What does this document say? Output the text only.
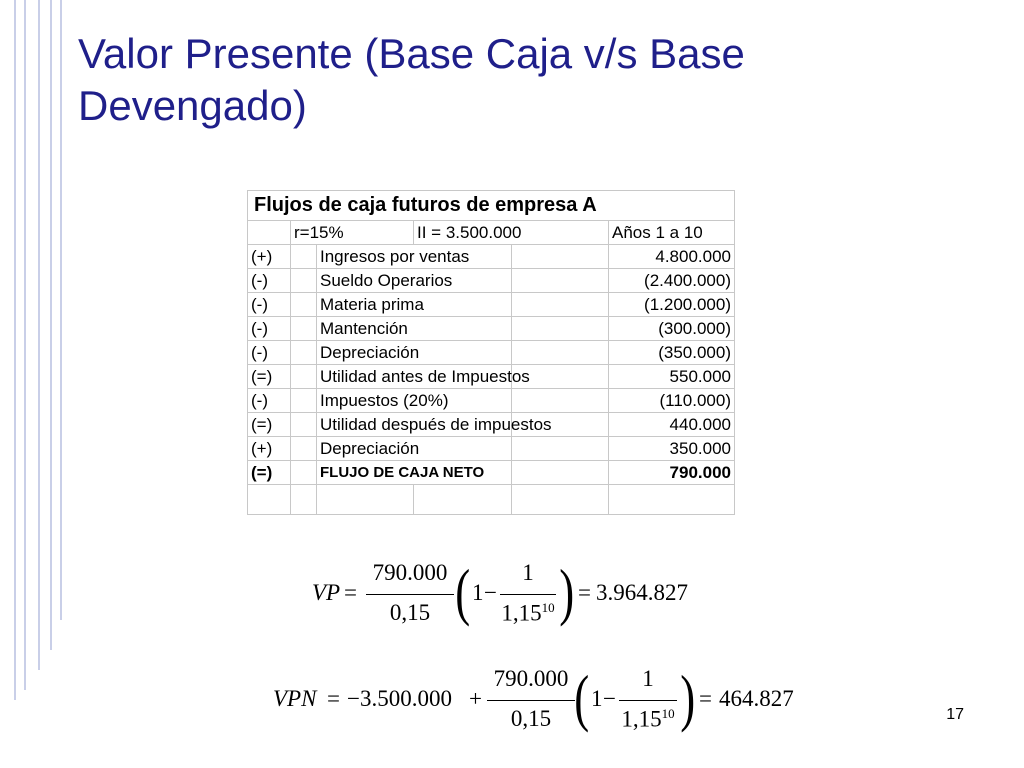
Valor Presente (Base Caja v/s Base Devengado)
Flujos de caja futuros de empresa A					
	r=15%		II = 3.500.000		Años 1 a 10
(+)		Ingresos por ventas			4.800.000
(-)		Sueldo Operarios			(2.400.000)
(-)		Materia prima			(1.200.000)
(-)		Mantención			(300.000)
(-)		Depreciación			(350.000)
(=)		Utilidad antes de Impuestos			550.000
(-)		Impuestos (20%)			(110.000)
(=)		Utilidad después de impuestos			440.000
(+)		Depreciación			350.000
(=)		FLUJO DE CAJA NETO			790.000

VP =
790.000
0,15 ( 1 −
1
1,15$^{10}$ ) = 3.964.827
VPN = −3.500.000 +
790.000
0,15 ( 1 −
1
1,15$^{10}$ ) = 464.827
17
